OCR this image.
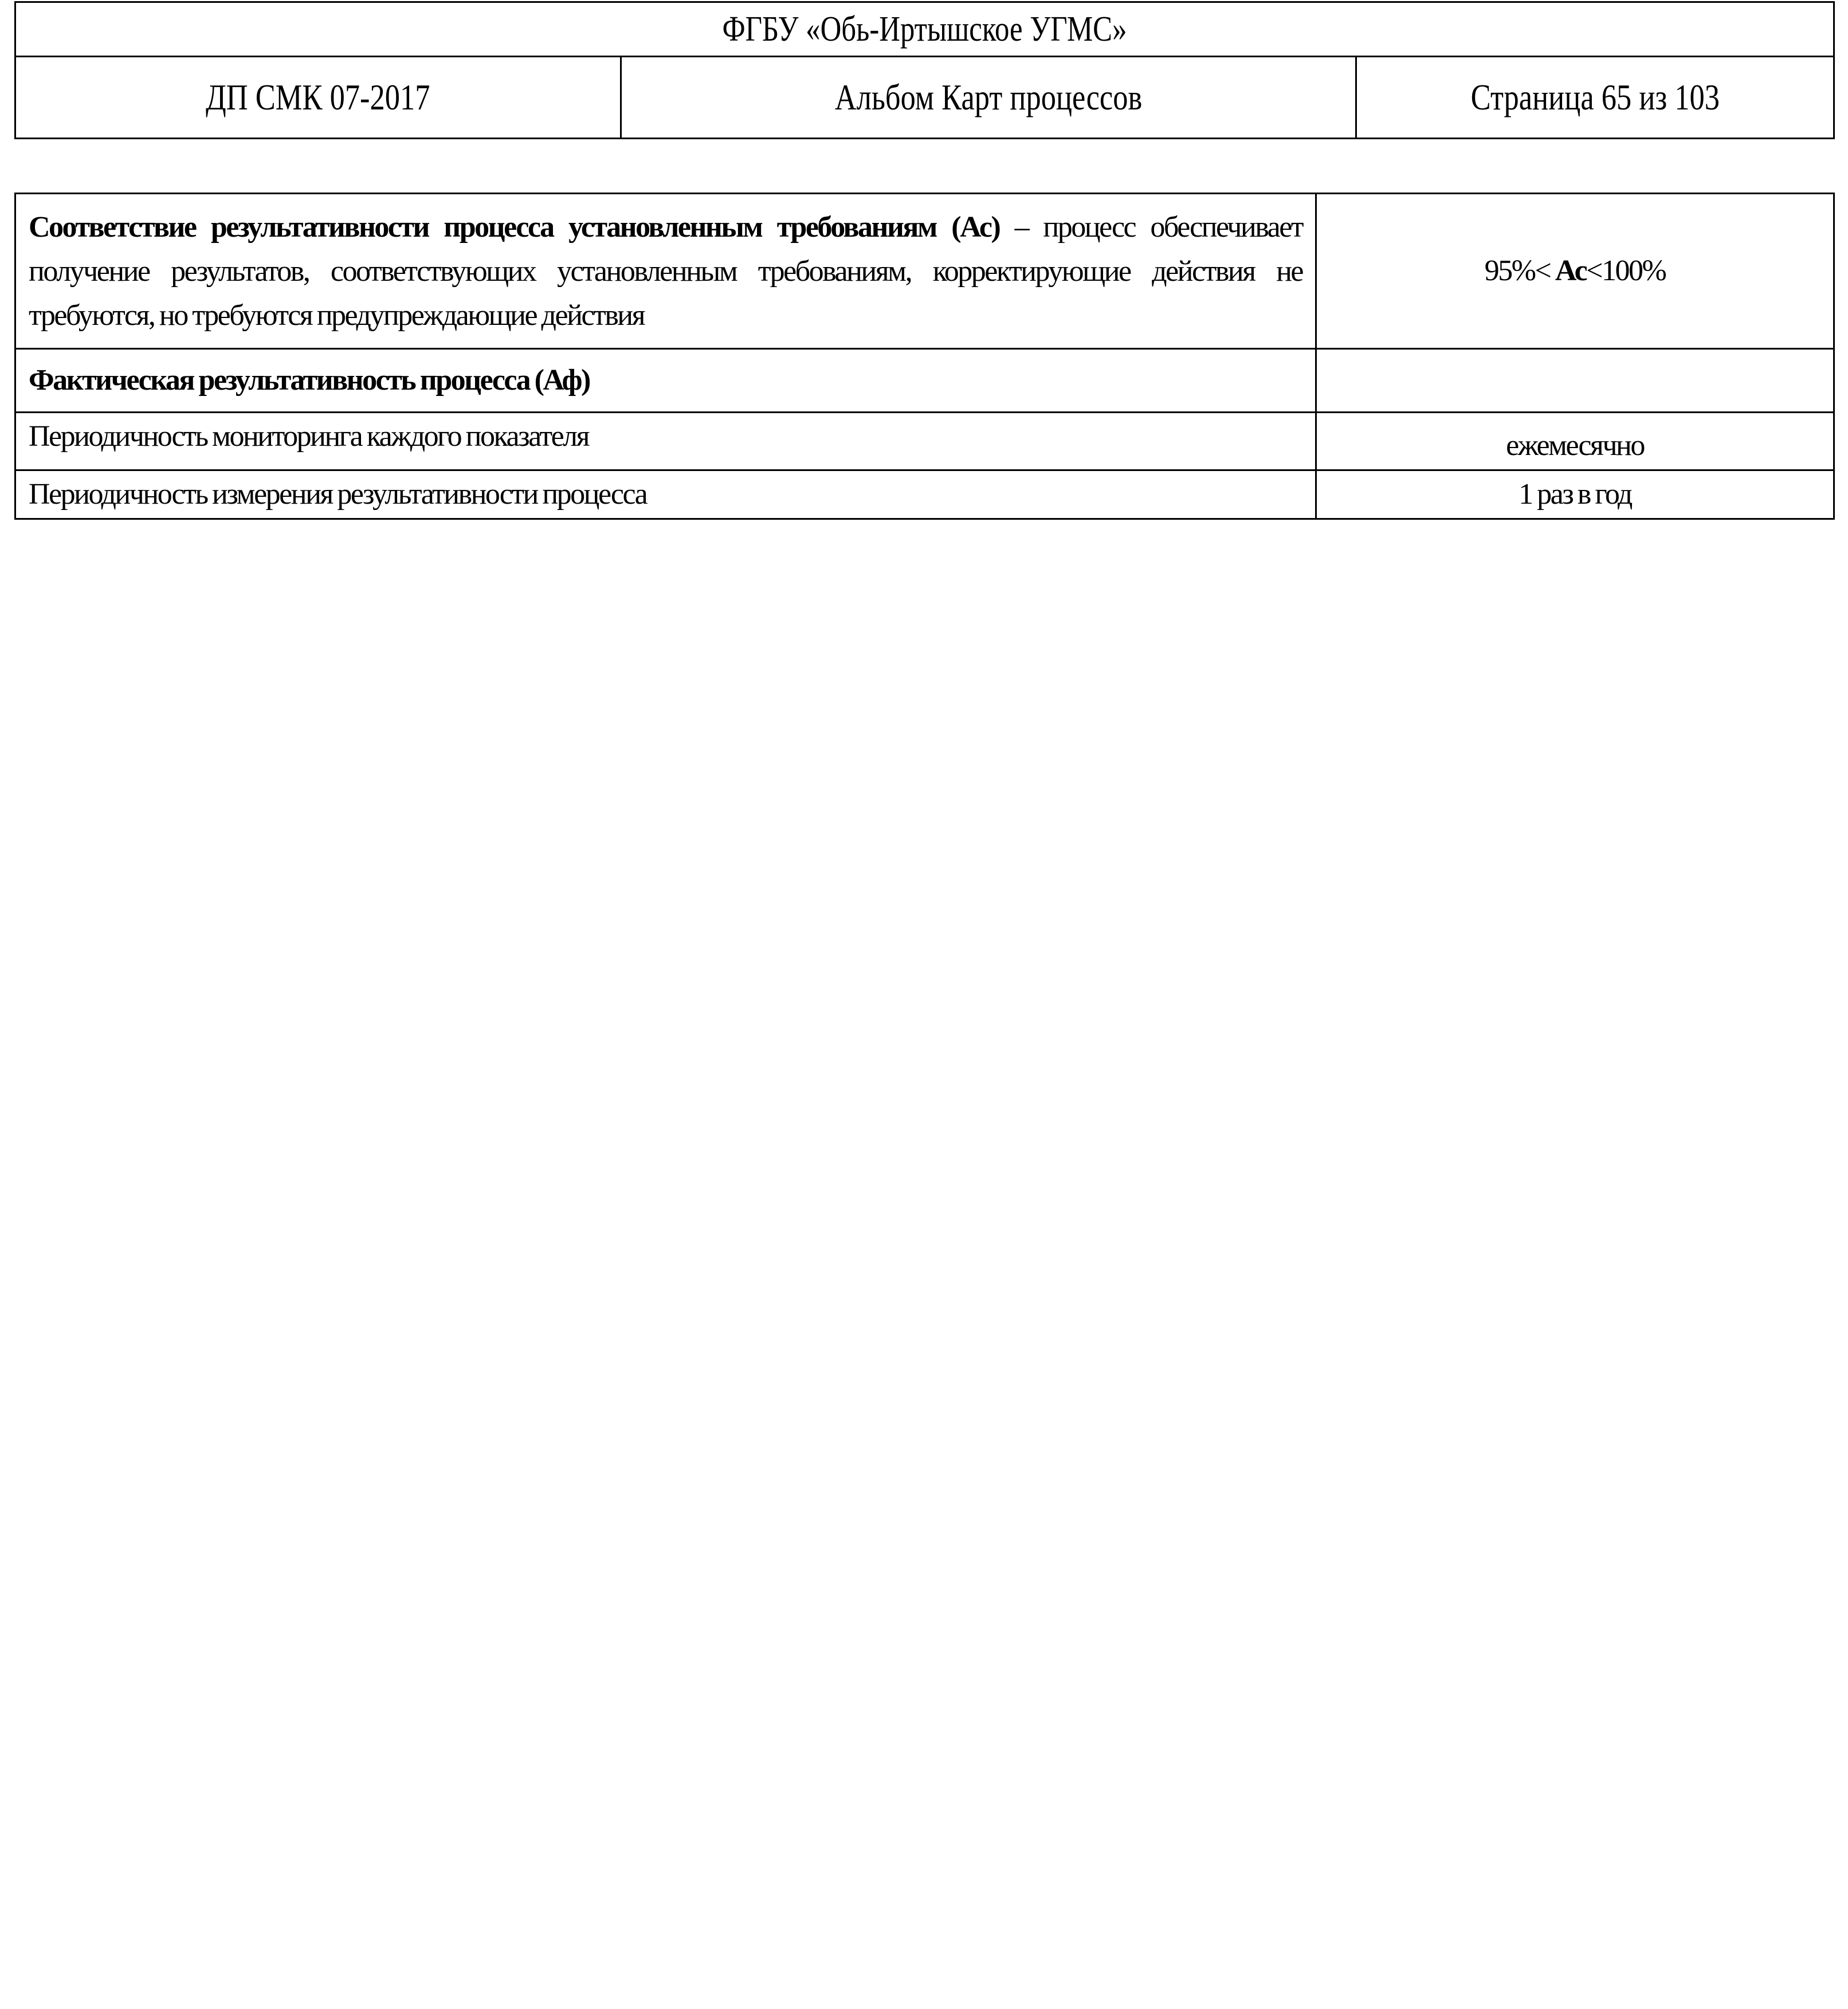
ФГБУ «Обь-Иртышское УГМС»
ДП СМК 07-2017	Альбом Карт процессов	Страница 65 из 103
Соответствие результативности процесса установленным требованиям (Ас) – процесс обеспечивает получение результатов, соответствующих установленным требованиям, корректирующие действия не требуются, но требуются предупреждающие действия	95%< Ас<100%
Фактическая результативность процесса (Аф)	
Периодичность мониторинга каждого показателя	ежемесячно
Периодичность измерения результативности процесса	1 раз в год
